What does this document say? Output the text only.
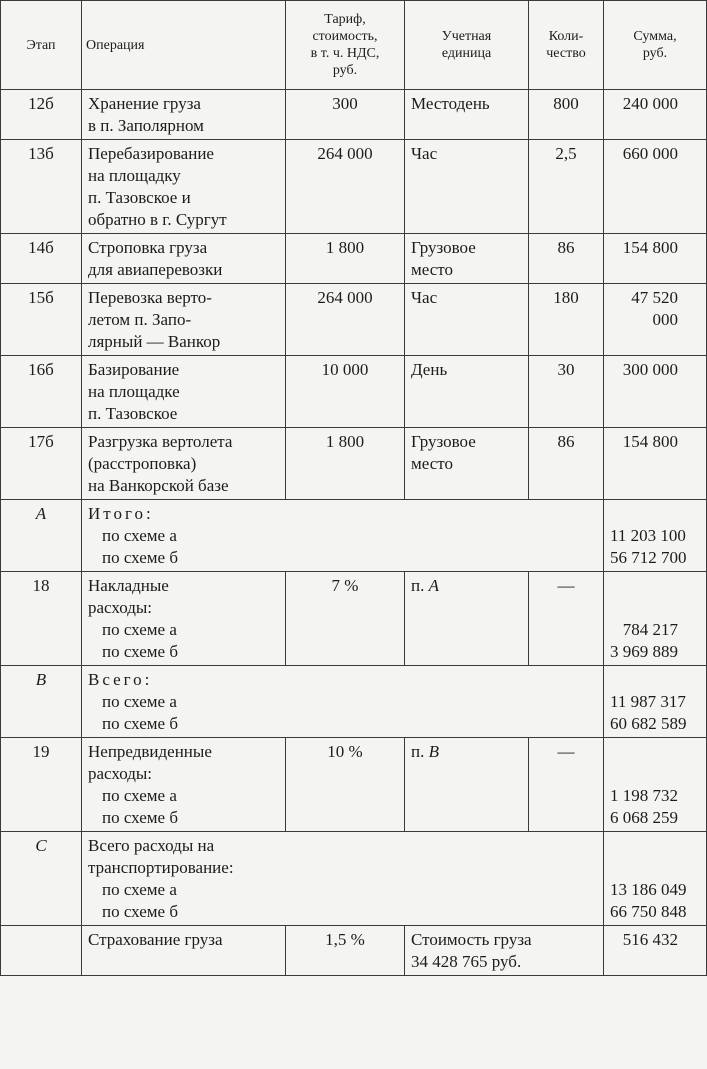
Этап	Операция	Тариф,
стоимость,
в т. ч. НДС,
руб.	Учетная
единица	Коли-
чество	Сумма,
руб.

12б	Хранение груза
в п. Заполярном	300	Местодень	800	240 000
13б	Перебазирование
на площадку
п. Тазовское и
обратно в г. Сургут	264 000	Час	2,5	660 000
14б	Строповка груза
для авиаперевозки	1 800	Грузовое
место	86	154 800
15б	Перевозка верто-
летом п. Запо-
лярный — Ванкор	264 000	Час	180	47 520 000
16б	Базирование
на площадке
п. Тазовское	10 000	День	30	300 000
17б	Разгрузка вертолета
(расстроповка)
на Ванкорской базе	1 800	Грузовое
место	86	154 800
А	Итого:
по схеме а
по схеме б				11 203 100
56 712 700

18	Накладные
расходы:
по схеме а
по схеме б	7 %	п. А	—	784 217
3 969 889

В	Всего:
по схеме а
по схеме б				11 987 317
60 682 589

19	Непредвиденные
расходы:
по схеме а
по схеме б	10 %	п. В	—	1 198 732
6 068 259

С	Всего расходы на
транспортирование:
по схеме а
по схеме б				13 186 049
66 750 848

	Страхование груза	1,5 %	Стоимость груза
34 428 765 руб.		516 432
